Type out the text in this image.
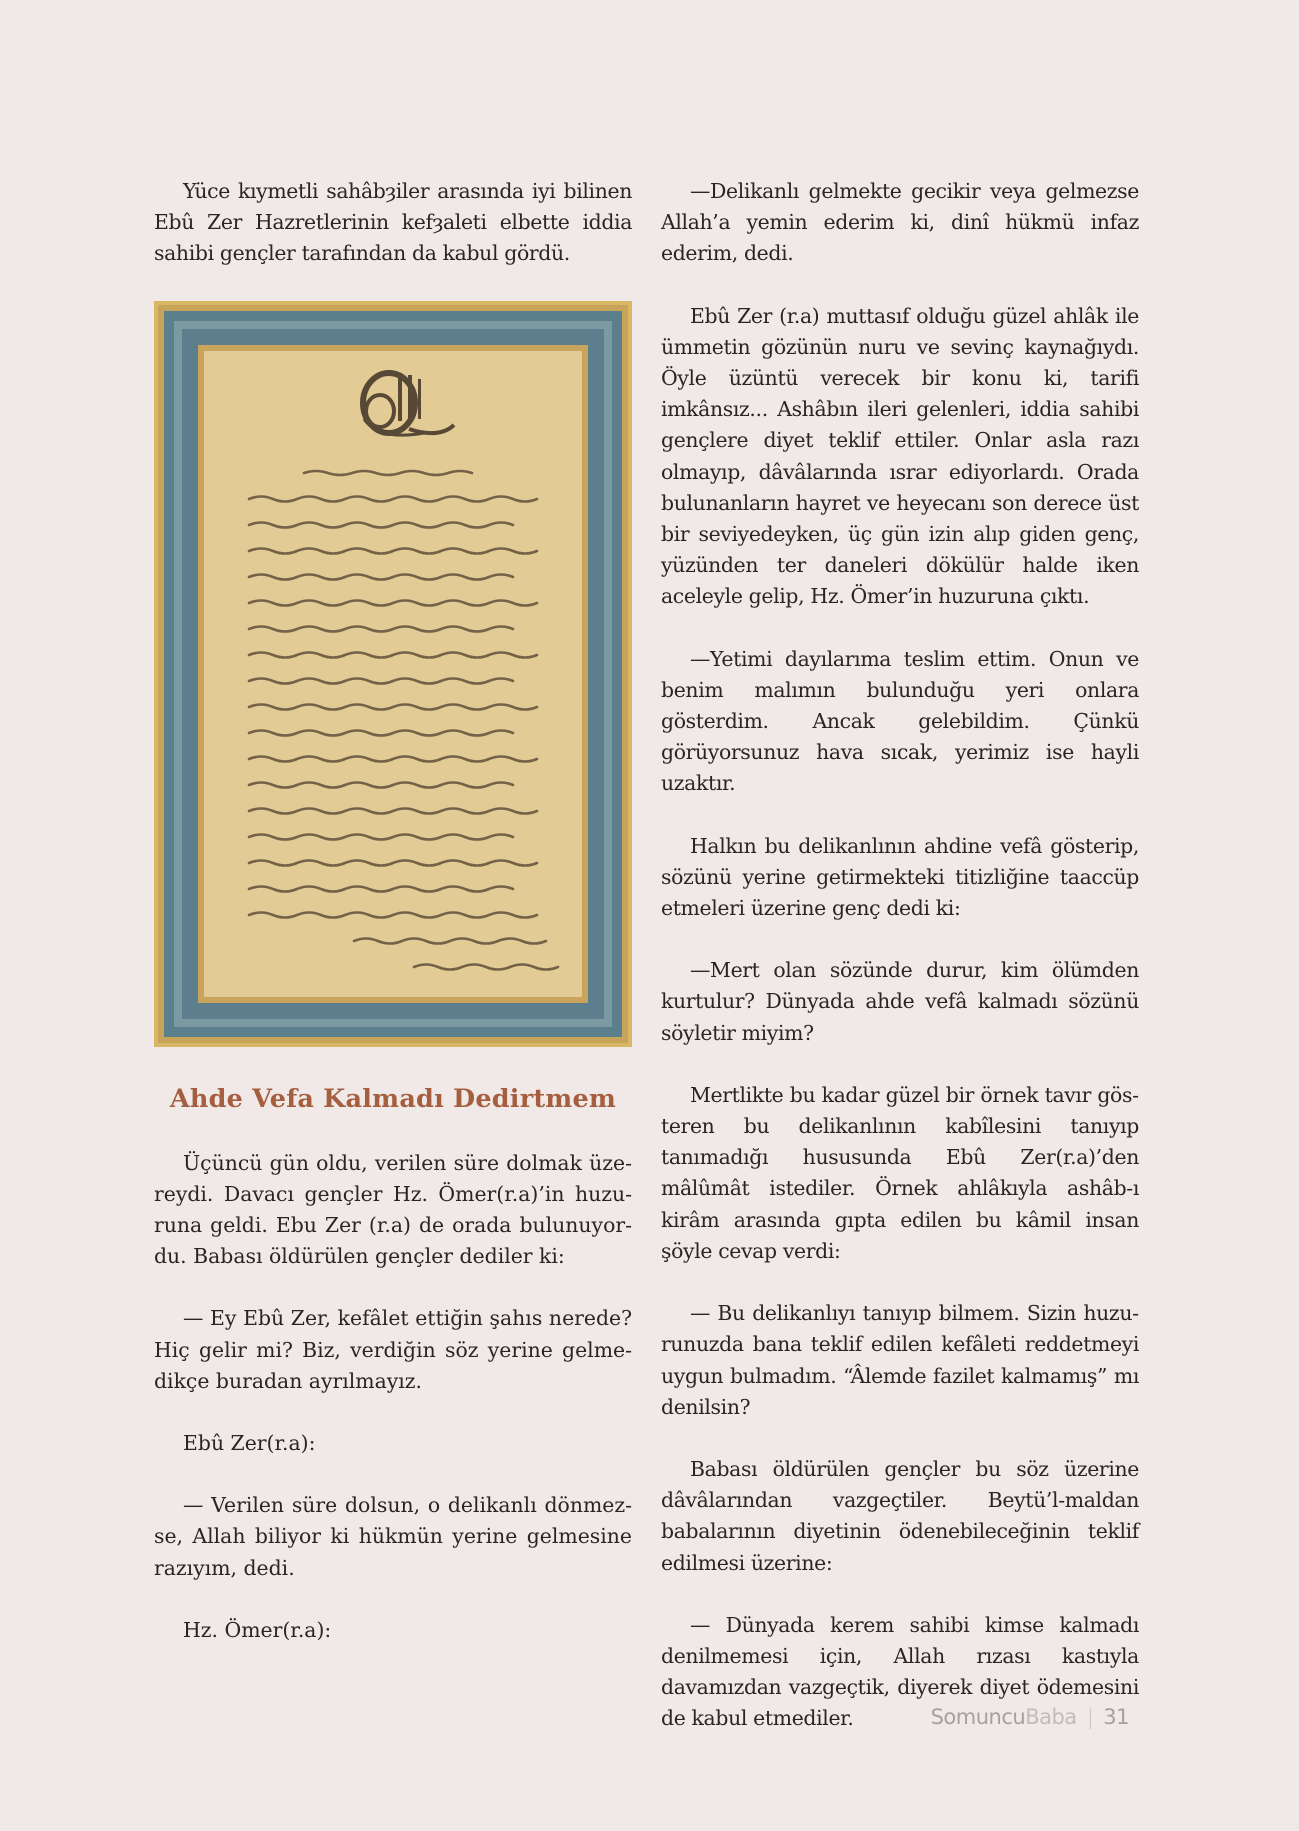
Yüce kıymetli sahâbȝiler arasında iyi bilinen Ebû Zer Hazretlerinin kefȝaleti elbette iddia sahibi gençler tarafından da kabul gördü.

Ahde Vefa Kalmadı Dedirtmem

Üçüncü gün oldu, verilen süre dolmak üzereydi. Davacı gençler Hz. Ömer(r.a)’in huzuruna geldi. Ebu Zer (r.a) de orada bulunuyordu. Babası öldürülen gençler dediler ki:

— Ey Ebû Zer, kefâlet ettiğin şahıs nerede? Hiç gelir mi? Biz, verdiğin söz yerine gelmedikçe buradan ayrılmayız.

Ebû Zer(r.a):

— Verilen süre dolsun, o delikanlı dönmezse, Allah biliyor ki hükmün yerine gelmesine razıyım, dedi.

Hz. Ömer(r.a):

—Delikanlı gelmekte gecikir veya gelmezse Allah’a yemin ederim ki, dinî hükmü infaz ederim, dedi.

Ebû Zer (r.a) muttasıf olduğu güzel ahlâk ile ümmetin gözünün nuru ve sevinç kaynağıydı. Öyle üzüntü verecek bir konu ki, tarifi imkânsız... Ashâbın ileri gelenleri, iddia sahibi gençlere diyet teklif ettiler. Onlar asla razı olmayıp, dâvâlarında ısrar ediyorlardı. Orada bulunanların hayret ve heyecanı son derece üst bir seviyedeyken, üç gün izin alıp giden genç, yüzünden ter daneleri dökülür halde iken aceleyle gelip, Hz. Ömer’in huzuruna çıktı.

—Yetimi dayılarıma teslim ettim. Onun ve benim malımın bulunduğu yeri onlara gösterdim. Ancak gelebildim. Çünkü görüyorsunuz hava sıcak, yerimiz ise hayli uzaktır.

Halkın bu delikanlının ahdine vefâ gösterip, sözünü yerine getirmekteki titizliğine taaccüp etmeleri üzerine genç dedi ki:

—Mert olan sözünde durur, kim ölümden kurtulur? Dünyada ahde vefâ kalmadı sözünü söyletir miyim?

Mertlikte bu kadar güzel bir örnek tavır gösteren bu delikanlının kabîlesini tanıyıp tanımadığı hususunda Ebû Zer(r.a)’den mâlûmât istediler. Örnek ahlâkıyla ashâb-ı kirâm arasında gıpta edilen bu kâmil insan şöyle cevap verdi:

— Bu delikanlıyı tanıyıp bilmem. Sizin huzurunuzda bana teklif edilen kefâleti reddetmeyi uygun bulmadım. “Âlemde fazilet kalmamış” mı denilsin?

Babası öldürülen gençler bu söz üzerine dâvâlarından vazgeçtiler. Beytü’l-maldan babalarının diyetinin ödenebileceğinin teklif edilmesi üzerine:

— Dünyada kerem sahibi kimse kalmadı denilmemesi için, Allah rızası kastıyla davamızdan vazgeçtik, diyerek diyet ödemesini de kabul etmediler.	Somuncu Baba | 31
